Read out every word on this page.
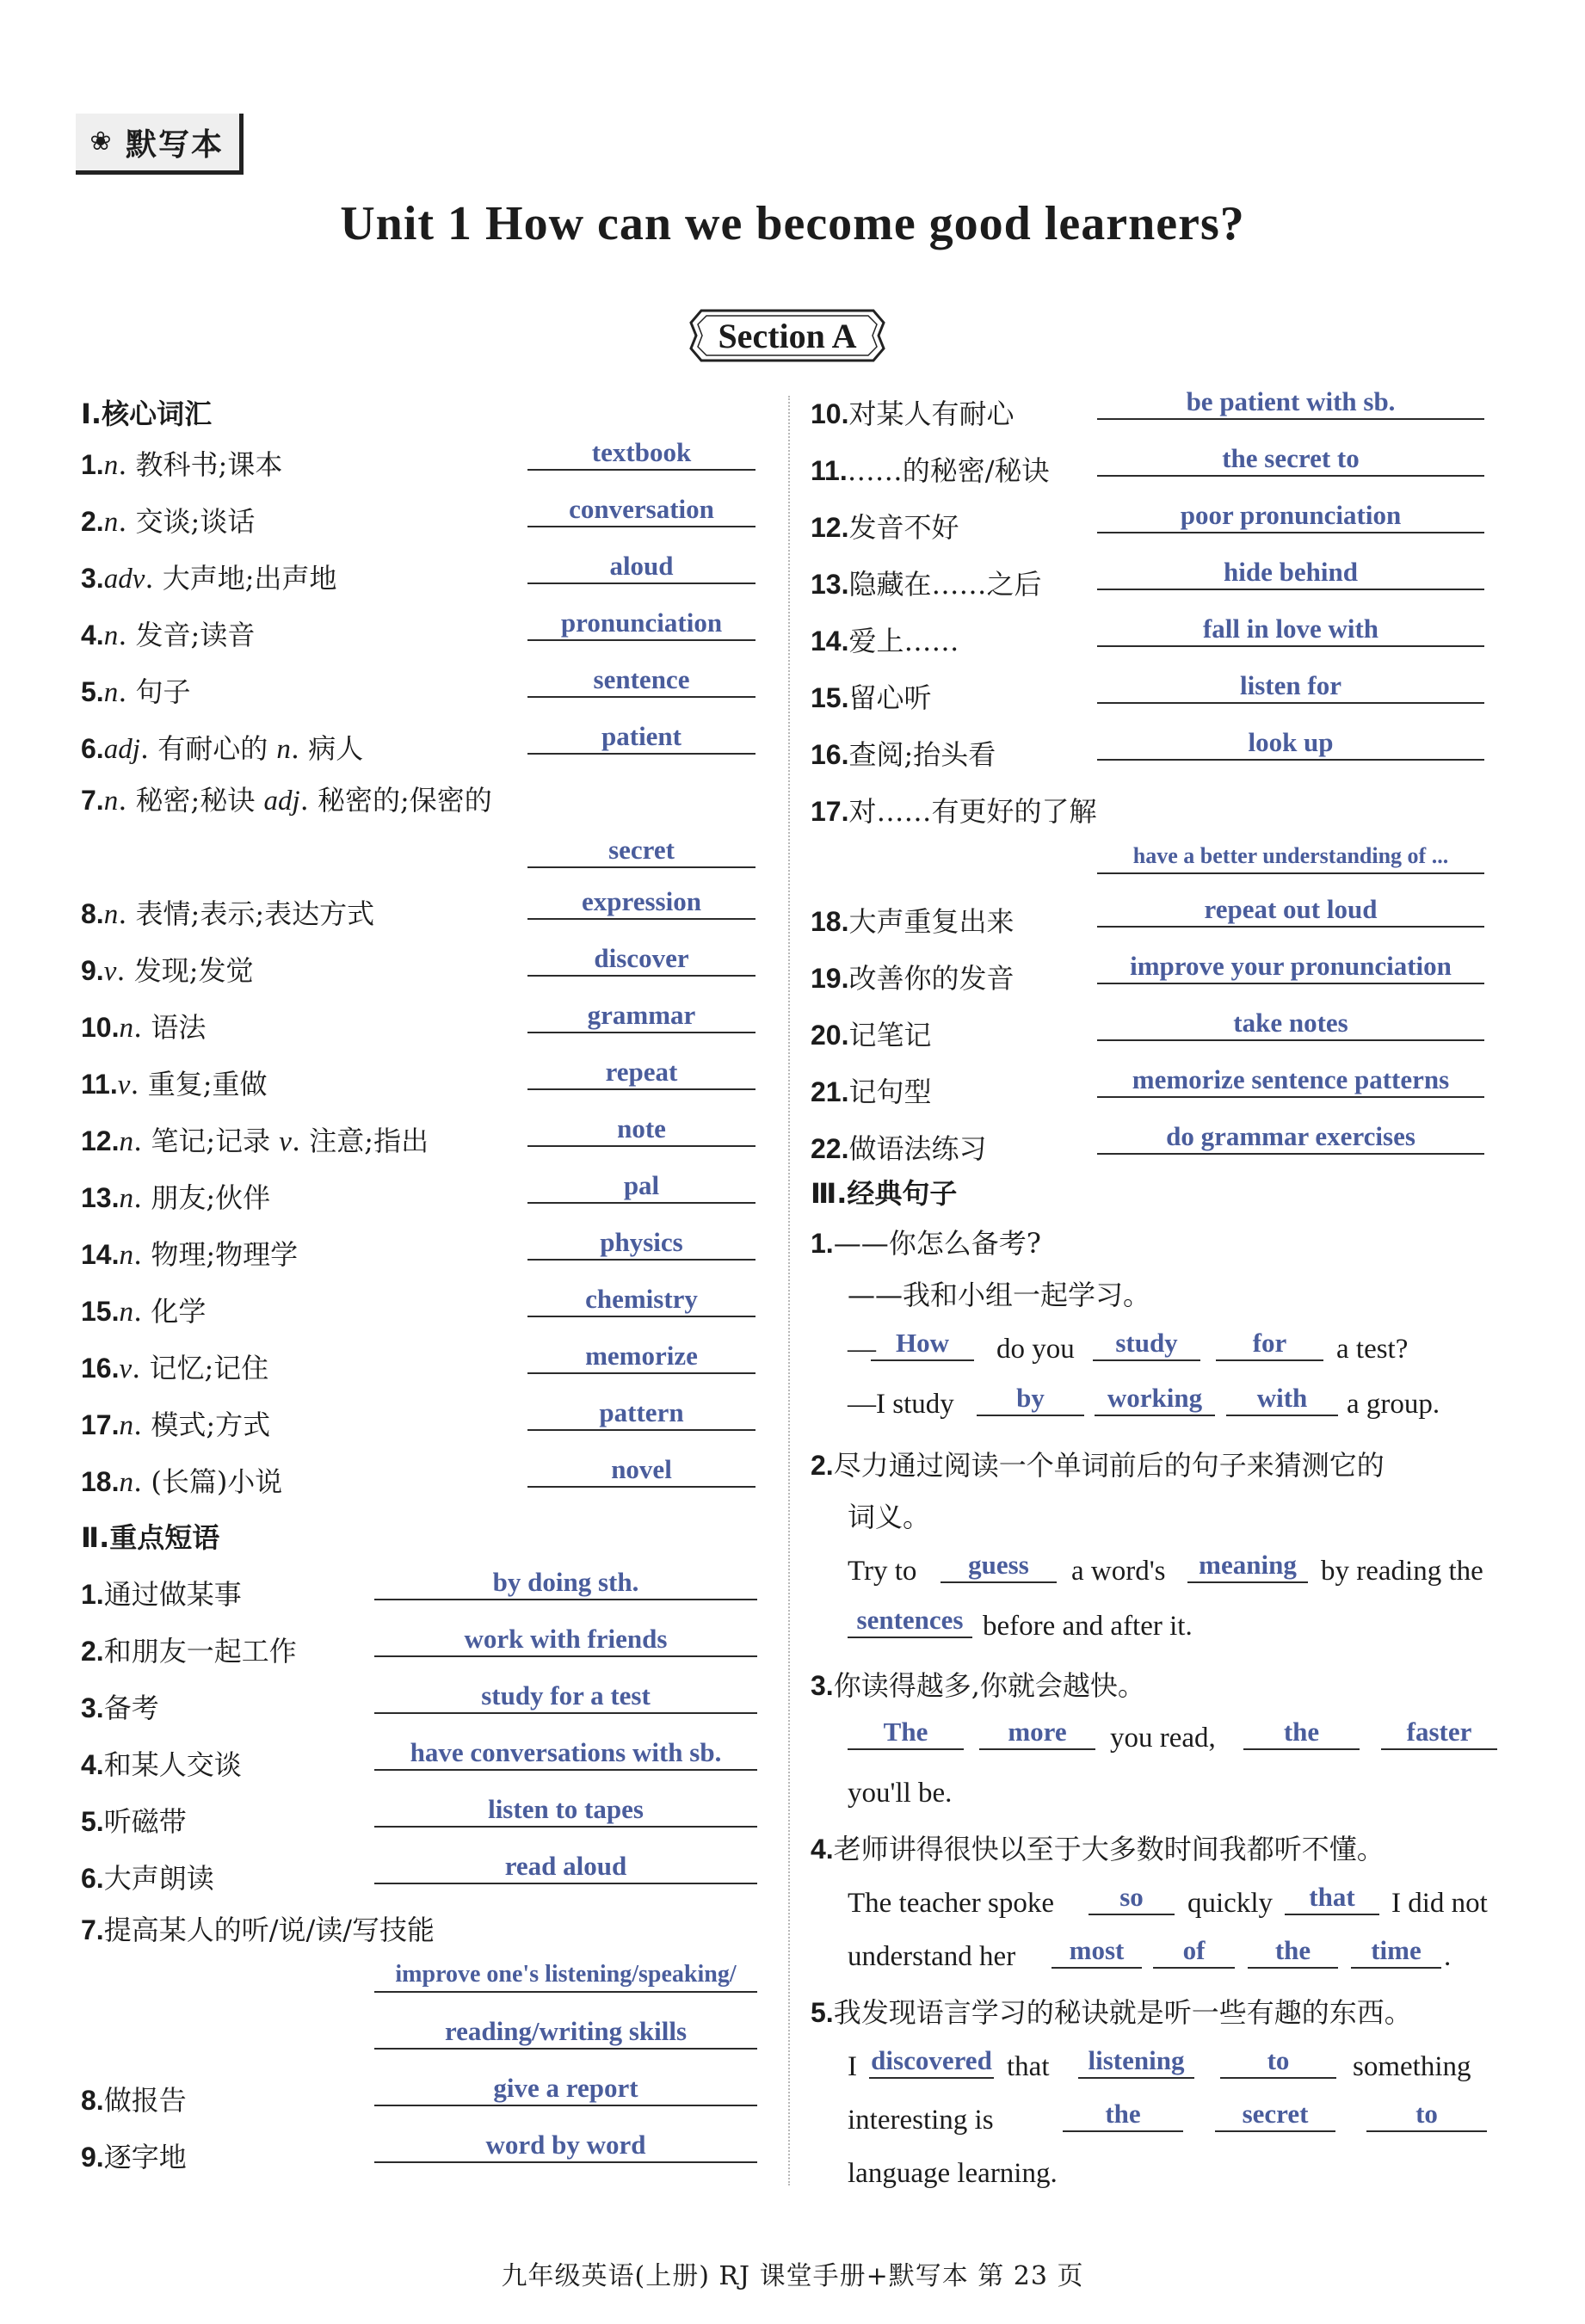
❀ 默写本
Unit 1 How can we become good learners?
Section A
Ⅰ.核心词汇
1.n. 教科书;课本	textbook
2.n. 交谈;谈话	conversation
3.adv. 大声地;出声地	aloud
4.n. 发音;读音	pronunciation
5.n. 句子	sentence
6.adj. 有耐心的 n. 病人	patient
7.n. 秘密;秘诀 adj. 秘密的;保密的
secret
8.n. 表情;表示;表达方式	expression
9.v. 发现;发觉	discover
10.n. 语法	grammar
11.v. 重复;重做	repeat
12.n. 笔记;记录 v. 注意;指出	note
13.n. 朋友;伙伴	pal
14.n. 物理;物理学	physics
15.n. 化学	chemistry
16.v. 记忆;记住	memorize
17.n. 模式;方式	pattern
18.n. (长篇)小说	novel
Ⅱ.重点短语
1.通过做某事	by doing sth.
2.和朋友一起工作	work with friends
3.备考	study for a test
4.和某人交谈	have conversations with sb.
5.听磁带	listen to tapes
6.大声朗读	read aloud
7.提高某人的听/说/读/写技能
improve one's listening/speaking/
reading/writing skills
8.做报告	give a report
9.逐字地	word by word
10.对某人有耐心	be patient with sb.
11.……的秘密/秘诀	the secret to
12.发音不好	poor pronunciation
13.隐藏在……之后	hide behind
14.爱上……	fall in love with
15.留心听	listen for
16.查阅;抬头看	look up
17.对……有更好的了解
have a better understanding of ...
18.大声重复出来	repeat out loud
19.改善你的发音	improve your pronunciation
20.记笔记	take notes
21.记句型	memorize sentence patterns
22.做语法练习	do grammar exercises
Ⅲ.经典句子
1.——你怎么备考?
——我和小组一起学习。
— How	do you	study	for	a test?
—I study	by	working	with	a group.
2.尽力通过阅读一个单词前后的句子来猜测它的
词义。
Try to	guess	a word's	meaning by reading the
sentences before and after it.
3.你读得越多,你就会越快。
The	more	you read,	the	faster
you'll be.
4.老师讲得很快以至于大多数时间我都听不懂。
The teacher spoke	so	quickly	that	I did not
understand her	most	of	the	time .
5.我发现语言学习的秘诀就是听一些有趣的东西。
I discovered that	listening	to	something
interesting is	the	secret	to
language learning.
九年级英语(上册) RJ 课堂手册+默写本 第 23 页
